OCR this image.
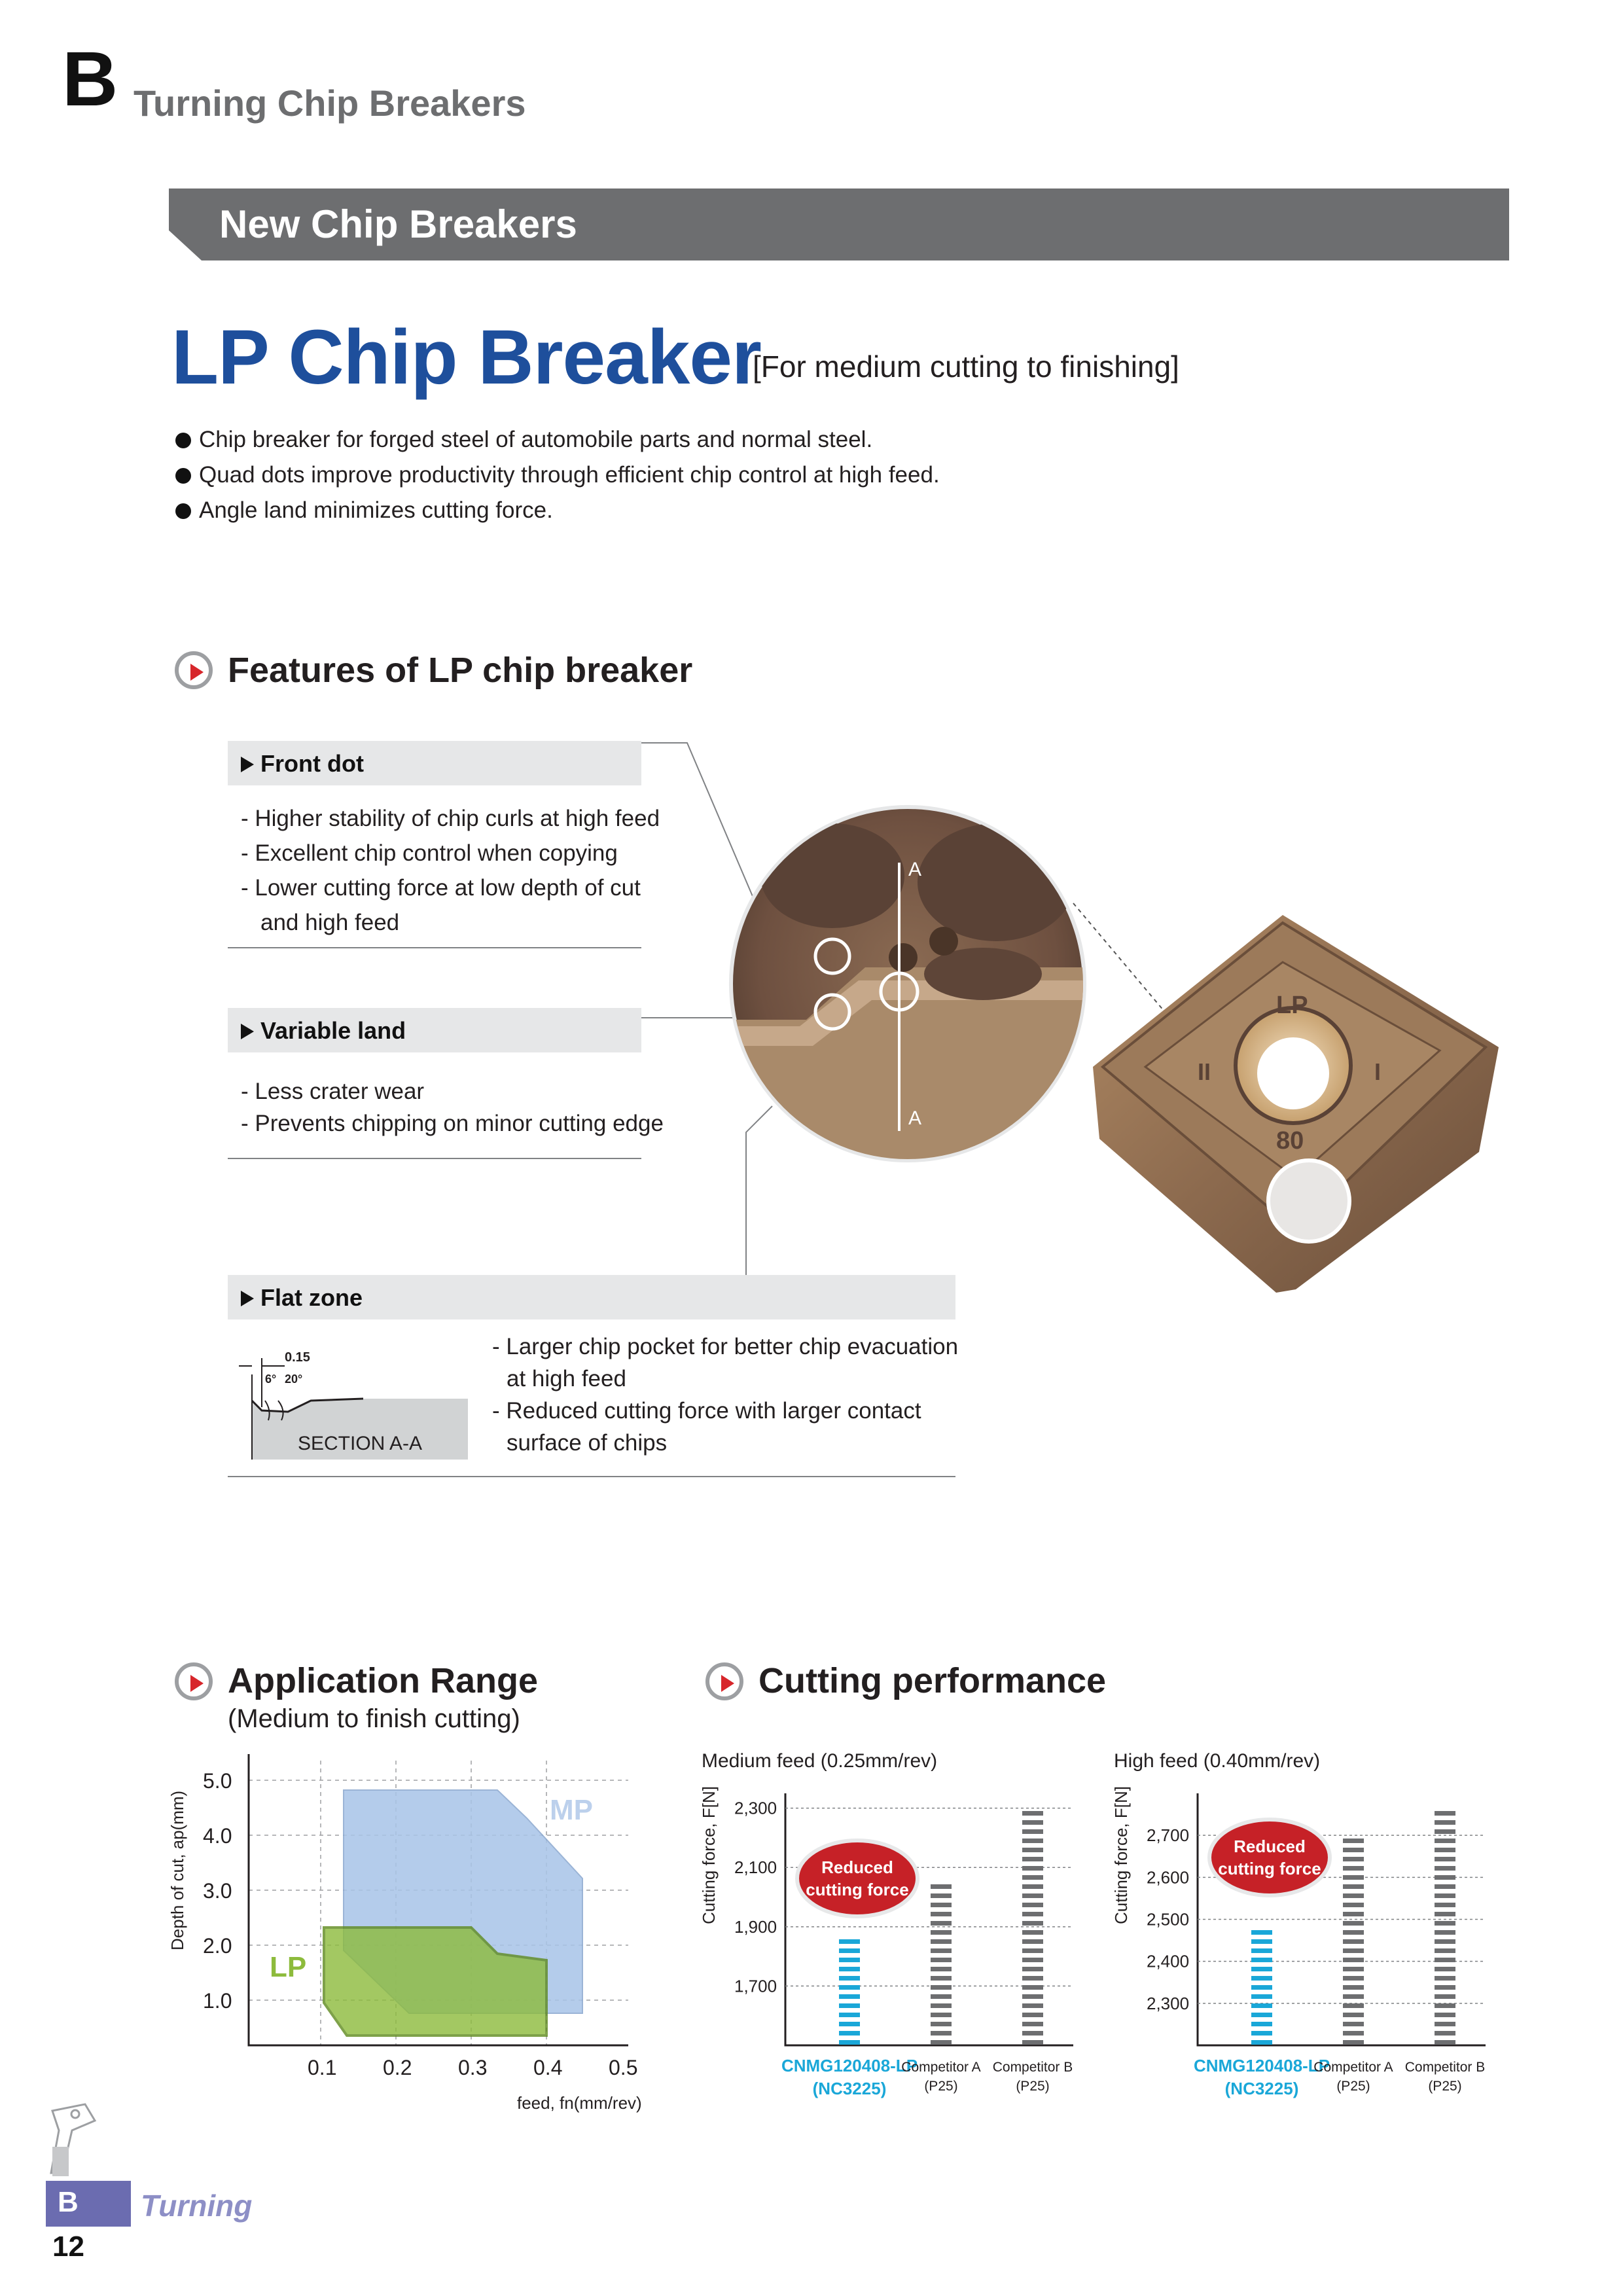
B Turning Chip Breakers
New Chip Breakers
LP Chip Breaker
[For medium cutting to finishing]
Chip breaker for forged steel of automobile parts and normal steel.
Quad dots improve productivity through efficient chip control at high feed.
Angle land minimizes cutting force.
Features of LP chip breaker
Front dot
- Higher stability of chip curls at high feed
- Excellent chip control when copying
- Lower cutting force at low depth of cut
and high feed
Variable land
- Less crater wear
- Prevents chipping on minor cutting edge
Flat zone
- Larger chip pocket for better chip evacuation
at high feed
- Reduced cutting force with larger contact
surface of chips
0.15
6° 20°
SECTION A-A
A
A
LP
80
II	I
Application Range
(Medium to finish cutting)
MP
LP
5.0
4.0
3.0
2.0
1.0
0.1 0.2 0.3 0.4 0.5
feed, fn(mm/rev)
Depth of cut, ap(mm)
Cutting performance
Medium feed (0.25mm/rev)
Cutting force, F[N] 2,300
2,100
1,900
1,700
Reduced
cutting force
CNMG120408-LP
(NC3225)
Competitor A
(P25)
Competitor B
(P25)
High feed (0.40mm/rev)
Cutting force, F[N] 2,700
2,600
2,500
2,400
2,300
Reduced
cutting force
CNMG120408-LP
(NC3225)
Competitor A
(P25)
Competitor B
(P25)
B Turning
12
